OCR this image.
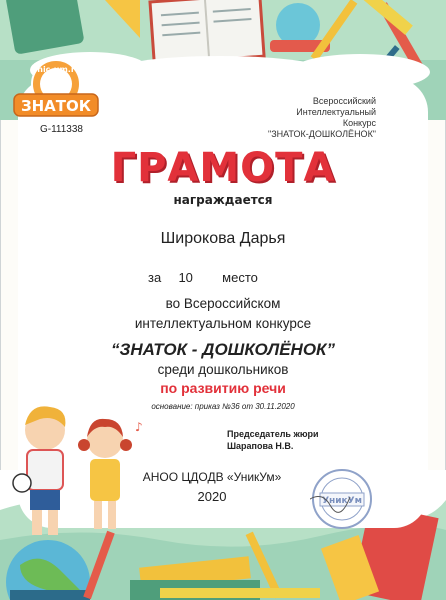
unic-um.ru
ЗНАТОК
G-111338
Всероссийский
Интеллектуальный
Конкурс
"ЗНАТОК-ДОШКОЛЁНОК"
ГРАМОТА
награждается
Широкова Дарья
за 10 место
во Всероссийском
интеллектуальном конкурсе
“ЗНАТОК - ДОШКОЛЁНОК”
среди дошкольников
по развитию речи
основание: приказ №36 от 30.11.2020
♪	Председатель жюри
Шарапова Н.В.
АНОО ЦДОДВ «УникУм»
2020	УникУм
